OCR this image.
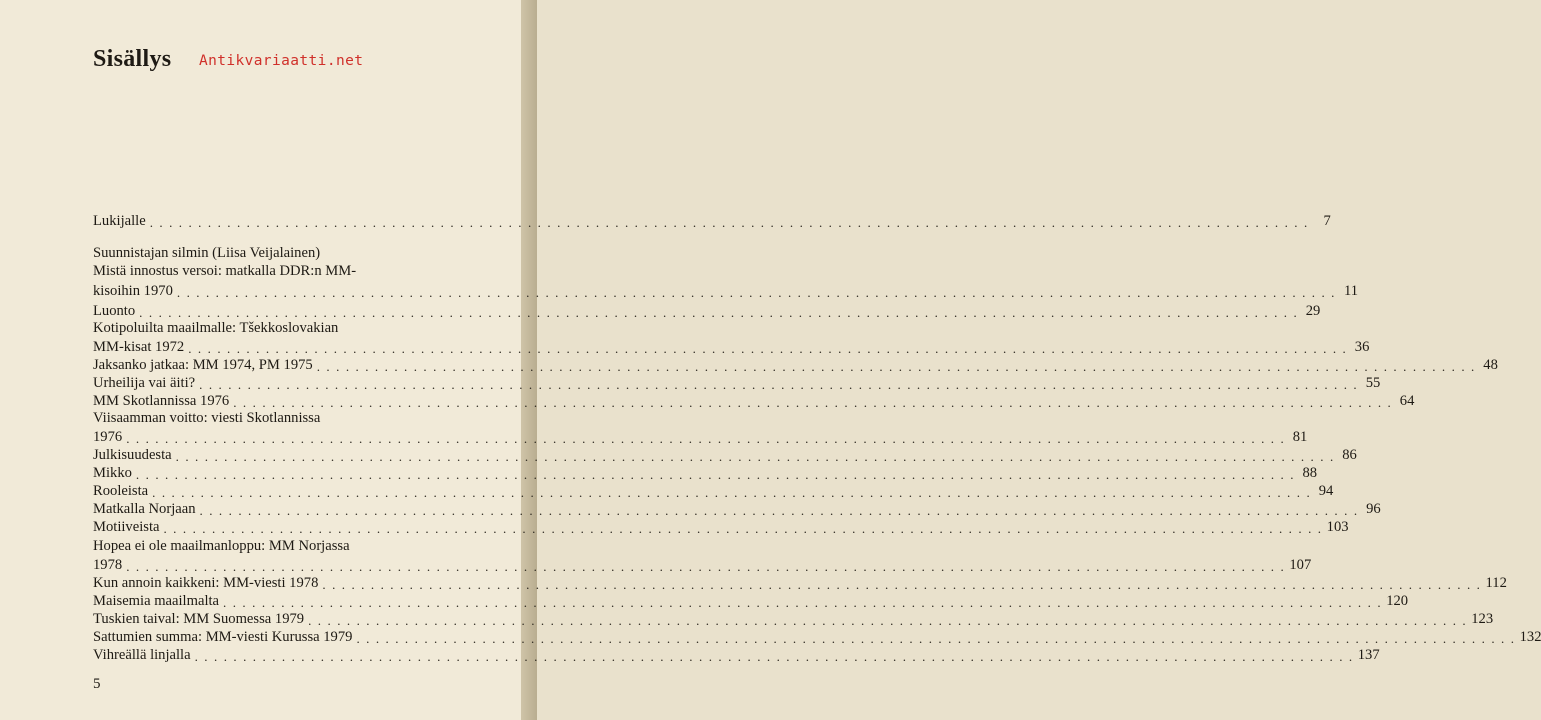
Sisällys Antikvariaatti.net
Lukijalle . . . . . . . . . . . . . . . . . . . . . . . . . . . . . . . . . . . . . . . . . . . . . . . . . . . . . . . . . . . . . . . . . . . . . . . . . . . . . . . . . . . . . . . . . . . . . . . . . . . . . . . . . . . . . . . . . . . . . . . .	7
Suunnistajan silmin (Liisa Veijalainen)
Mistä innostus versoi: matkalla DDR:n MM-
kisoihin 1970 . . . . . . . . . . . . . . . . . . . . . . . . . . . . . . . . . . . . . . . . . . . . . . . . . . . . . . . . . . . . . . . . . . . . . . . . . . . . . . . . . . . . . . . . . . . . . . . . . . . . . . . . . . . . . . . . . . . . . . . . 11
Luonto . . . . . . . . . . . . . . . . . . . . . . . . . . . . . . . . . . . . . . . . . . . . . . . . . . . . . . . . . . . . . . . . . . . . . . . . . . . . . . . . . . . . . . . . . . . . . . . . . . . . . . . . . . . . . . . . . . . . . . . . 29
Kotipoluilta maailmalle: Tšekkoslovakian
MM-kisat 1972 . . . . . . . . . . . . . . . . . . . . . . . . . . . . . . . . . . . . . . . . . . . . . . . . . . . . . . . . . . . . . . . . . . . . . . . . . . . . . . . . . . . . . . . . . . . . . . . . . . . . . . . . . . . . . . . . . . . . . . . . 36
Jaksanko jatkaa: MM 1974, PM 1975 . . . . . . . . . . . . . . . . . . . . . . . . . . . . . . . . . . . . . . . . . . . . . . . . . . . . . . . . . . . . . . . . . . . . . . . . . . . . . . . . . . . . . . . . . . . . . . . . . . . . . . . . . . . . . . . . . . . . . . . . 48
Urheilija vai äiti? . . . . . . . . . . . . . . . . . . . . . . . . . . . . . . . . . . . . . . . . . . . . . . . . . . . . . . . . . . . . . . . . . . . . . . . . . . . . . . . . . . . . . . . . . . . . . . . . . . . . . . . . . . . . . . . . . . . . . . . . 55
MM Skotlannissa 1976 . . . . . . . . . . . . . . . . . . . . . . . . . . . . . . . . . . . . . . . . . . . . . . . . . . . . . . . . . . . . . . . . . . . . . . . . . . . . . . . . . . . . . . . . . . . . . . . . . . . . . . . . . . . . . . . . . . . . . . . . 64
Viisaamman voitto: viesti Skotlannissa
1976 . . . . . . . . . . . . . . . . . . . . . . . . . . . . . . . . . . . . . . . . . . . . . . . . . . . . . . . . . . . . . . . . . . . . . . . . . . . . . . . . . . . . . . . . . . . . . . . . . . . . . . . . . . . . . . . . . . . . . . . . 81
Julkisuudesta . . . . . . . . . . . . . . . . . . . . . . . . . . . . . . . . . . . . . . . . . . . . . . . . . . . . . . . . . . . . . . . . . . . . . . . . . . . . . . . . . . . . . . . . . . . . . . . . . . . . . . . . . . . . . . . . . . . . . . . . 86
Mikko . . . . . . . . . . . . . . . . . . . . . . . . . . . . . . . . . . . . . . . . . . . . . . . . . . . . . . . . . . . . . . . . . . . . . . . . . . . . . . . . . . . . . . . . . . . . . . . . . . . . . . . . . . . . . . . . . . . . . . . . 88
Rooleista . . . . . . . . . . . . . . . . . . . . . . . . . . . . . . . . . . . . . . . . . . . . . . . . . . . . . . . . . . . . . . . . . . . . . . . . . . . . . . . . . . . . . . . . . . . . . . . . . . . . . . . . . . . . . . . . . . . . . . . . 94
Matkalla Norjaan . . . . . . . . . . . . . . . . . . . . . . . . . . . . . . . . . . . . . . . . . . . . . . . . . . . . . . . . . . . . . . . . . . . . . . . . . . . . . . . . . . . . . . . . . . . . . . . . . . . . . . . . . . . . . . . . . . . . . . . . 96
Motiiveista . . . . . . . . . . . . . . . . . . . . . . . . . . . . . . . . . . . . . . . . . . . . . . . . . . . . . . . . . . . . . . . . . . . . . . . . . . . . . . . . . . . . . . . . . . . . . . . . . . . . . . . . . . . . . . . . . . . . . . . . 103
Hopea ei ole maailmanloppu: MM Norjassa
1978 . . . . . . . . . . . . . . . . . . . . . . . . . . . . . . . . . . . . . . . . . . . . . . . . . . . . . . . . . . . . . . . . . . . . . . . . . . . . . . . . . . . . . . . . . . . . . . . . . . . . . . . . . . . . . . . . . . . . . . . . 107
Kun annoin kaikkeni: MM-viesti 1978 . . . . . . . . . . . . . . . . . . . . . . . . . . . . . . . . . . . . . . . . . . . . . . . . . . . . . . . . . . . . . . . . . . . . . . . . . . . . . . . . . . . . . . . . . . . . . . . . . . . . . . . . . . . . . . . . . . . . . . . . 112
Maisemia maailmalta . . . . . . . . . . . . . . . . . . . . . . . . . . . . . . . . . . . . . . . . . . . . . . . . . . . . . . . . . . . . . . . . . . . . . . . . . . . . . . . . . . . . . . . . . . . . . . . . . . . . . . . . . . . . . . . . . . . . . . . . 120
Tuskien taival: MM Suomessa 1979 . . . . . . . . . . . . . . . . . . . . . . . . . . . . . . . . . . . . . . . . . . . . . . . . . . . . . . . . . . . . . . . . . . . . . . . . . . . . . . . . . . . . . . . . . . . . . . . . . . . . . . . . . . . . . . . . . . . . . . . . 123
Sattumien summa: MM-viesti Kurussa 1979 . . . . . . . . . . . . . . . . . . . . . . . . . . . . . . . . . . . . . . . . . . . . . . . . . . . . . . . . . . . . . . . . . . . . . . . . . . . . . . . . . . . . . . . . . . . . . . . . . . . . . . . . . . . . . . . . . . . . . . . . 132
Vihreällä linjalla . . . . . . . . . . . . . . . . . . . . . . . . . . . . . . . . . . . . . . . . . . . . . . . . . . . . . . . . . . . . . . . . . . . . . . . . . . . . . . . . . . . . . . . . . . . . . . . . . . . . . . . . . . . . . . . . . . . . . . . . 137
5
